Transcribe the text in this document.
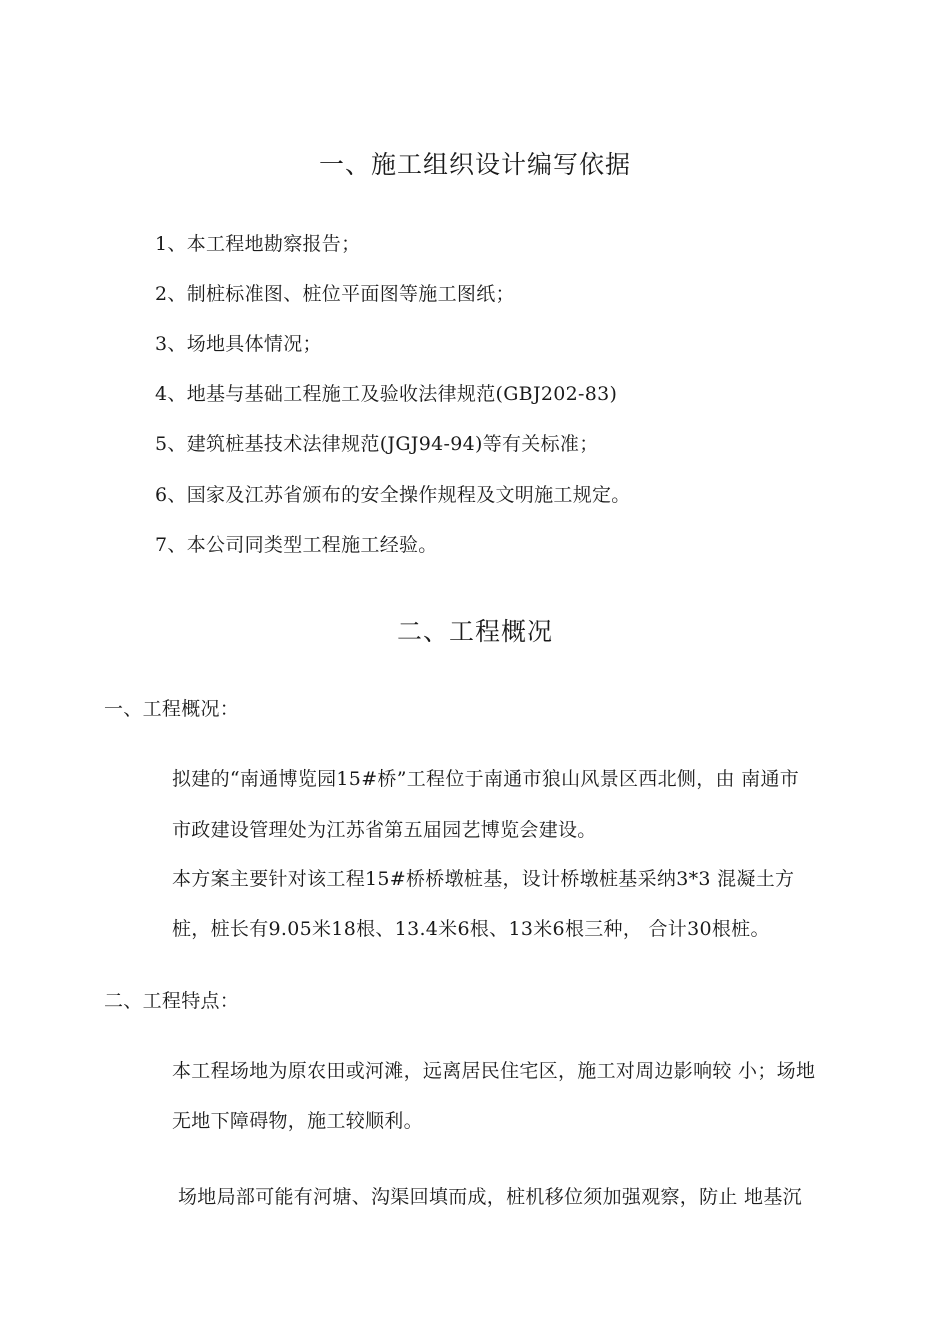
一、施工组织设计编写依据
1、本工程地勘察报告；
2、制桩标准图、桩位平面图等施工图纸；
3、场地具体情况；
4、地基与基础工程施工及验收法律规范(GBJ202-83)
5、建筑桩基技术法律规范(JGJ94-94)等有关标准；
6、国家及江苏省颁布的安全操作规程及文明施工规定。
7、本公司同类型工程施工经验。
二、工程概况
一、工程概况：
拟建的“南通博览园15#桥”工程位于南通市狼山风景区西北侧，由 南通市
市政建设管理处为江苏省第五届园艺博览会建设。
本方案主要针对该工程15#桥桥墩桩基，设计桥墩桩基采纳3*3 混凝土方
桩，桩长有9.05米18根、13.4米6根、13米6根三种， 合计30根桩。
二、工程特点：
本工程场地为原农田或河滩，远离居民住宅区，施工对周边影响较 小；场地
无地下障碍物，施工较顺利。
场地局部可能有河塘、沟渠回填而成，桩机移位须加强观察，防止 地基沉
